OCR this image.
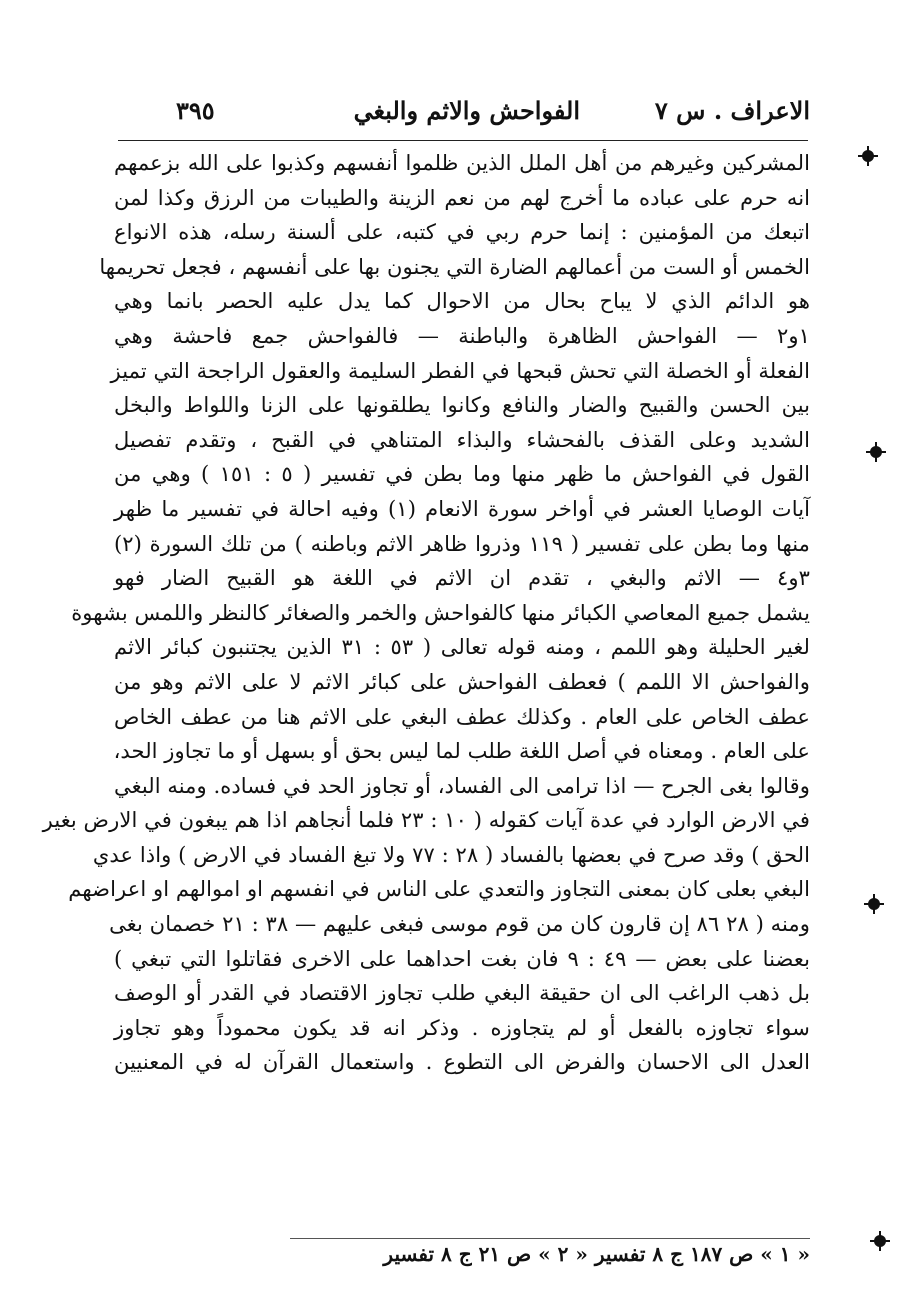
الاعراف . س ٧
الفواحش والاثم والبغي
٣٩٥
المشركين وغيرهم من أهل الملل الذين ظلموا أنفسهم وكذبوا على الله بزعمهم
انه حرم على عباده ما أخرج لهم من نعم الزينة والطيبات من الرزق وكذا لمن
اتبعك من المؤمنين : إنما حرم ربي في كتبه، على ألسنة رسله، هذه الانواع
الخمس أو الست من أعمالهم الضارة التي يجنون بها على أنفسهم ، فجعل تحريمها
هو الدائم الذي لا يباح بحال من الاحوال كما يدل عليه الحصر بانما وهي
١و٢ — الفواحش الظاهرة والباطنة — فالفواحش جمع فاحشة وهي
الفعلة أو الخصلة التي تحش قبحها في الفطر السليمة والعقول الراجحة التي تميز
بين الحسن والقبيح والضار والنافع وكانوا يطلقونها على الزنا واللواط والبخل
الشديد وعلى القذف بالفحشاء والبذاء المتناهي في القبح ، وتقدم تفصيل
القول في الفواحش ما ظهر منها وما بطن في تفسير ( ٥ : ١٥١ ) وهي من
آيات الوصايا العشر في أواخر سورة الانعام (١) وفيه احالة في تفسير ما ظهر
منها وما بطن على تفسير ( ١١٩ وذروا ظاهر الاثم وباطنه ) من تلك السورة (٢)
٣و٤ — الاثم والبغي ، تقدم ان الاثم في اللغة هو القبيح الضار فهو
يشمل جميع المعاصي الكبائر منها كالفواحش والخمر والصغائر كالنظر واللمس بشهوة
لغير الحليلة وهو اللمم ، ومنه قوله تعالى ( ٥٣ : ٣١ الذين يجتنبون كبائر الاثم
والفواحش الا اللمم ) فعطف الفواحش على كبائر الاثم لا على الاثم وهو من
عطف الخاص على العام . وكذلك عطف البغي على الاثم هنا من عطف الخاص
على العام . ومعناه في أصل اللغة طلب لما ليس بحق أو بسهل أو ما تجاوز الحد،
وقالوا بغى الجرح — اذا ترامى الى الفساد، أو تجاوز الحد في فساده. ومنه البغي
في الارض الوارد في عدة آيات كقوله ( ١٠ : ٢٣ فلما أنجاهم اذا هم يبغون في الارض بغير
الحق ) وقد صرح في بعضها بالفساد ( ٢٨ : ٧٧ ولا تبغ الفساد في الارض ) واذا عدي
البغي بعلى كان بمعنى التجاوز والتعدي على الناس في انفسهم او اموالهم او اعراضهم
ومنه ( ٢٨ ٨٦ إن قارون كان من قوم موسى فبغى عليهم — ٣٨ : ٢١ خصمان بغى
بعضنا على بعض — ٤٩ : ٩ فان بغت احداهما على الاخرى فقاتلوا التي تبغي )
بل ذهب الراغب الى ان حقيقة البغي طلب تجاوز الاقتصاد في القدر أو الوصف
سواء تجاوزه بالفعل أو لم يتجاوزه . وذكر انه قد يكون محموداً وهو تجاوز
العدل الى الاحسان والفرض الى التطوع . واستعمال القرآن له في المعنيين
« ١ » ص ١٨٧ ج ٨ تفسير « ٢ » ص ٢١ ج ٨ تفسير
